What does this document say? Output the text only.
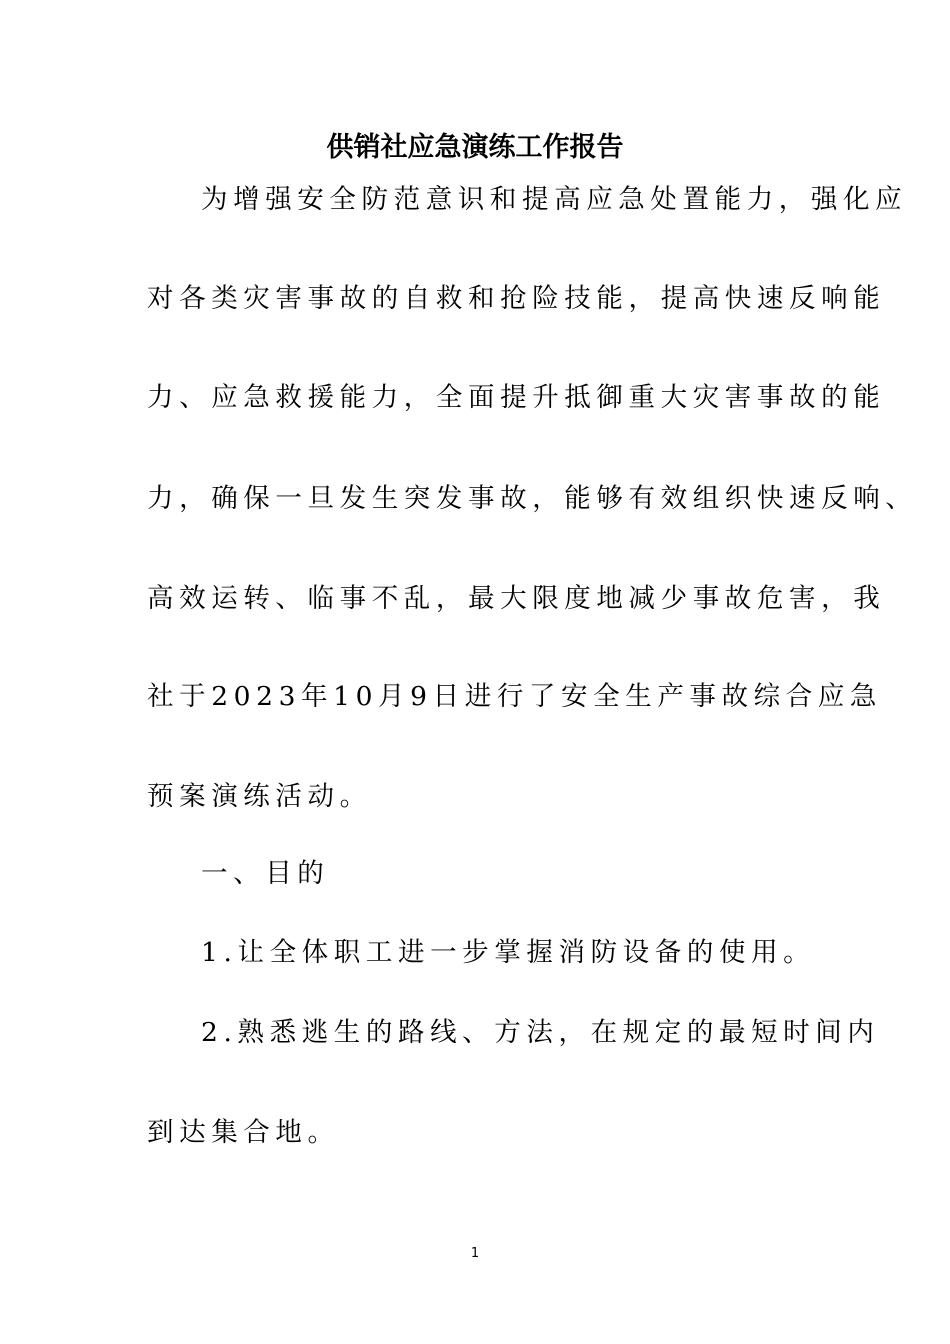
供销社应急演练工作报告
为增强安全防范意识和提高应急处置能力，强化应
对各类灾害事故的自救和抢险技能，提高快速反响能
力、应急救援能力，全面提升抵御重大灾害事故的能
力，确保一旦发生突发事故，能够有效组织快速反响、
高效运转、临事不乱，最大限度地减少事故危害，我
社于2023年10月9日进行了安全生产事故综合应急
预案演练活动。
一、目的
1.让全体职工进一步掌握消防设备的使用。
2.熟悉逃生的路线、方法，在规定的最短时间内
到达集合地。
1
